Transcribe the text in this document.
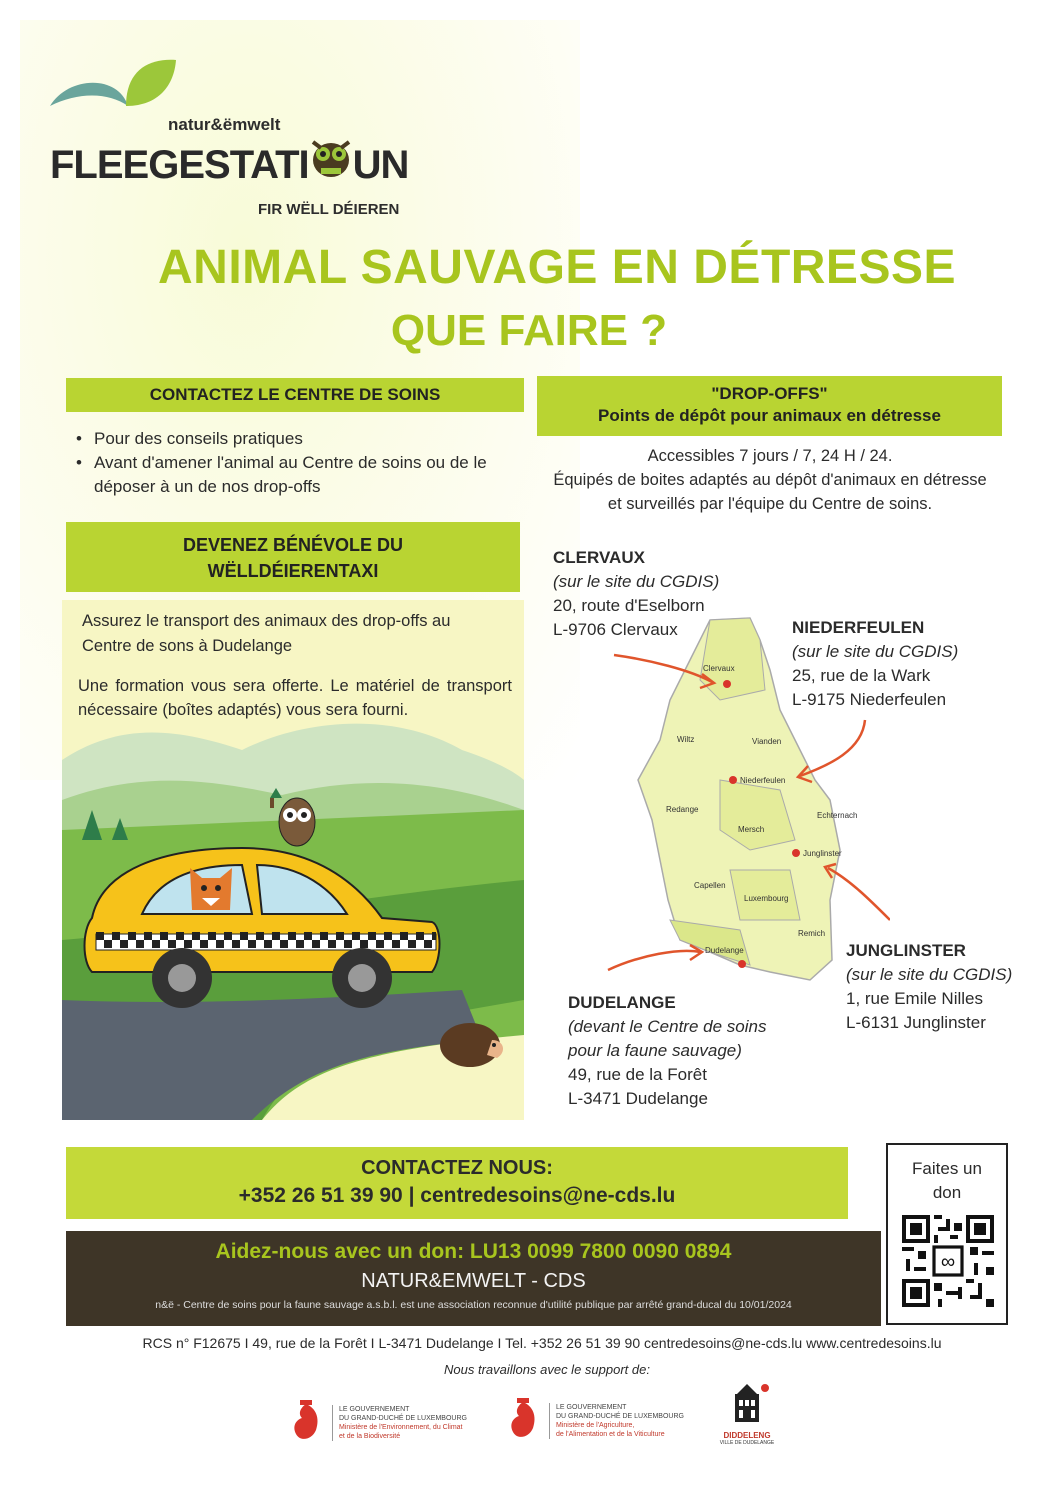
natur&ëmwelt
FLEEGESTATI UN
FIR WËLL DÉIEREN
ANIMAL SAUVAGE EN DÉTRESSE
QUE FAIRE ?
CONTACTEZ LE CENTRE DE SOINS
• Pour des conseils pratiques
• Avant d'amener l'animal au Centre de soins ou de le déposer à un de nos drop-offs
"DROP-OFFS"
Points de dépôt pour animaux en détresse
Accessibles 7 jours / 7, 24 H / 24.
Équipés de boites adaptés au dépôt d'animaux en détresse et surveillés par l'équipe du Centre de soins.
DEVENEZ BÉNÉVOLE DU
WËLLDÉIERENTAXI
Assurez le transport des animaux des drop-offs au Centre de sons à Dudelange
Une formation vous sera offerte. Le matériel de transport nécessaire (boîtes adaptés) vous sera fourni.
Clervaux
Wiltz	Vianden
Niederfeulen
Redange
Echternach
Mersch
Junglinster
Capellen
Luxembourg
Remich
Dudelange
CLERVAUX
(sur le site du CGDIS)
20, route d'Eselborn
L-9706 Clervaux	NIEDERFEULEN
(sur le site du CGDIS)
25, rue de la Wark
L-9175 Niederfeulen
JUNGLINSTER
(sur le site du CGDIS)
1, rue Emile Nilles
L-6131 Junglinster
DUDELANGE
(devant le Centre de soins
pour la faune sauvage)
49, rue de la Forêt
L-3471 Dudelange
CONTACTEZ NOUS:
+352 26 51 39 90 | centredesoins@ne-cds.lu
Faites un
don
∞
Aidez-nous avec un don: LU13 0099 7800 0090 0894
NATUR&EMWELT - CDS
n&ë - Centre de soins pour la faune sauvage a.s.b.l. est une association reconnue d'utilité publique par arrêté grand-ducal du 10/01/2024
RCS n° F12675 I 49, rue de la Forêt I L-3471 Dudelange I Tel. +352 26 51 39 90 centredesoins@ne-cds.lu www.centredesoins.lu
Nous travaillons avec le support de:
LE GOUVERNEMENT
DU GRAND-DUCHÉ DE LUXEMBOURG
Ministère de l'Environnement, du Climat
et de la Biodiversité
LE GOUVERNEMENT
DU GRAND-DUCHÉ DE LUXEMBOURG
Ministère de l'Agriculture,
de l'Alimentation et de la Viticulture	DIDDELENG
VILLE DE DUDELANGE
